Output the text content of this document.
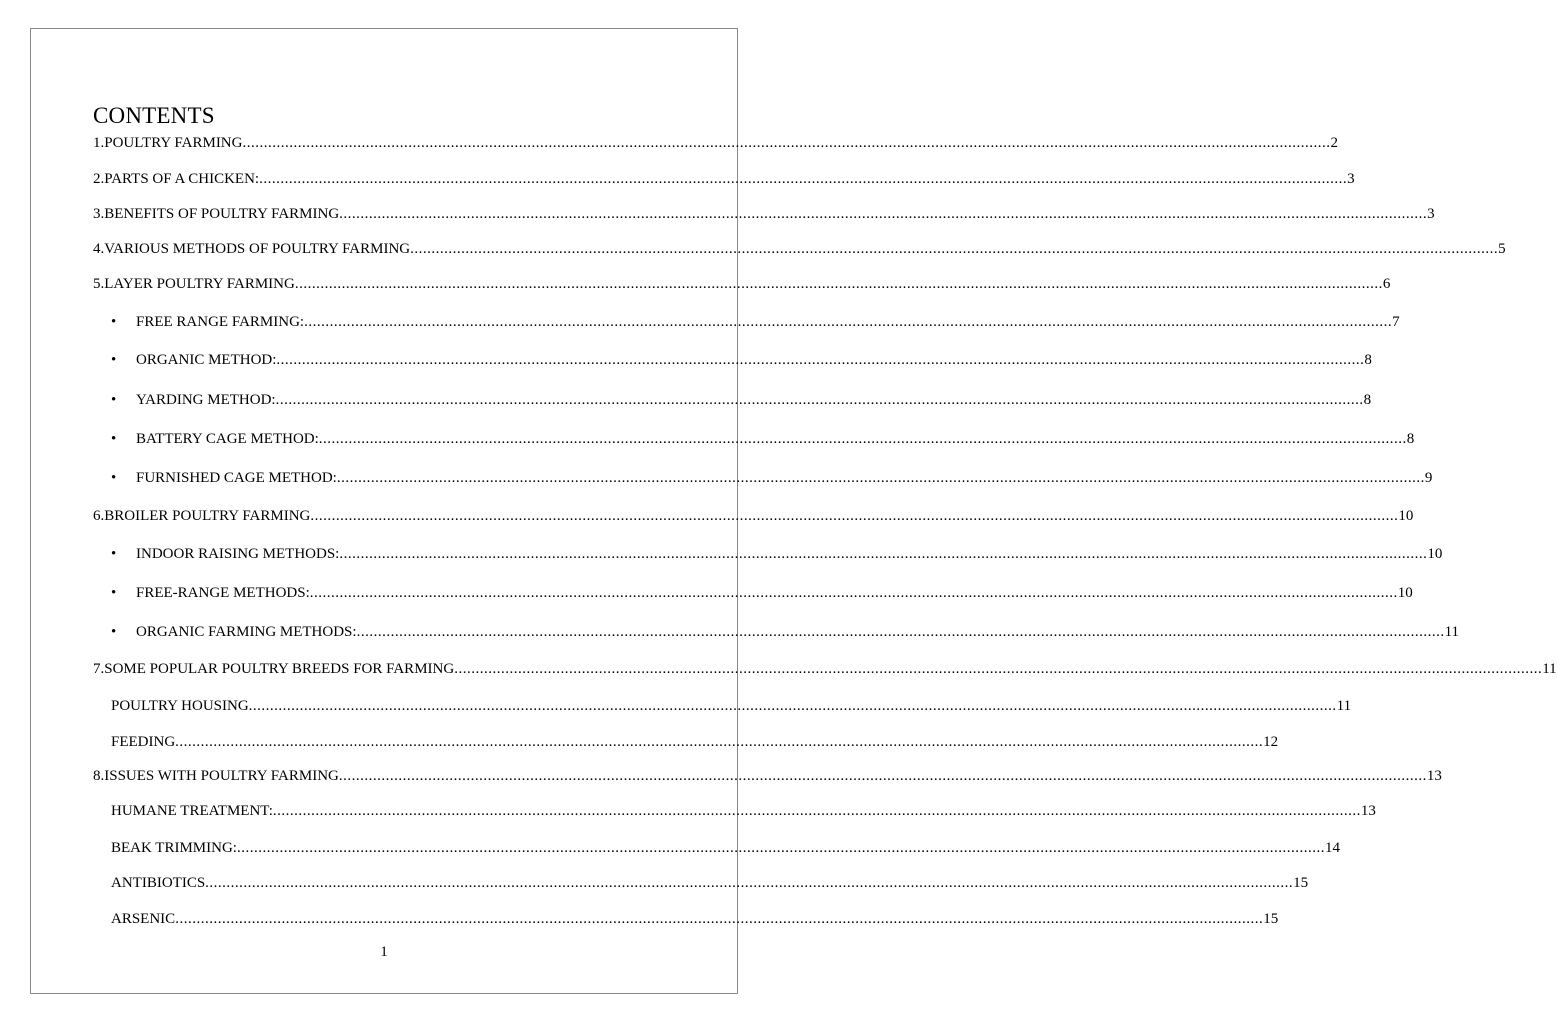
CONTENTS
1.POULTRY FARMING ................................................................................................................................................................................................................................................................ 2
2.PARTS OF A CHICKEN: ................................................................................................................................................................................................................................................................ 3
3.BENEFITS OF POULTRY FARMING ................................................................................................................................................................................................................................................................ 3
4.VARIOUS METHODS OF POULTRY FARMING ................................................................................................................................................................................................................................................................ 5
5.LAYER POULTRY FARMING ................................................................................................................................................................................................................................................................ 6
• FREE RANGE FARMING: ................................................................................................................................................................................................................................................................ 7
• ORGANIC METHOD: ................................................................................................................................................................................................................................................................ 8
• YARDING METHOD: ................................................................................................................................................................................................................................................................ 8
• BATTERY CAGE METHOD: ................................................................................................................................................................................................................................................................ 8
• FURNISHED CAGE METHOD: ................................................................................................................................................................................................................................................................ 9
6.BROILER POULTRY FARMING ................................................................................................................................................................................................................................................................ 10
• INDOOR RAISING METHODS: ................................................................................................................................................................................................................................................................ 10
• FREE-RANGE METHODS: ................................................................................................................................................................................................................................................................ 10
• ORGANIC FARMING METHODS: ................................................................................................................................................................................................................................................................ 11
7.SOME POPULAR POULTRY BREEDS FOR FARMING ................................................................................................................................................................................................................................................................ 11
POULTRY HOUSING ................................................................................................................................................................................................................................................................ 11
FEEDING ................................................................................................................................................................................................................................................................ 12
8.ISSUES WITH POULTRY FARMING ................................................................................................................................................................................................................................................................ 13
HUMANE TREATMENT: ................................................................................................................................................................................................................................................................ 13
BEAK TRIMMING: ................................................................................................................................................................................................................................................................ 14
ANTIBIOTICS ................................................................................................................................................................................................................................................................ 15
ARSENIC ................................................................................................................................................................................................................................................................ 15
1
